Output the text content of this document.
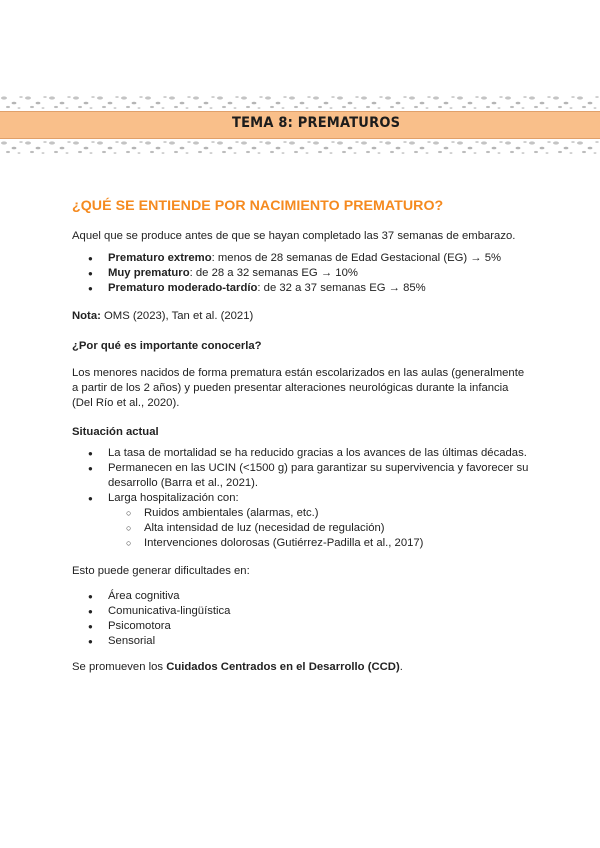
TEMA 8: PREMATUROS
¿QUÉ SE ENTIENDE POR NACIMIENTO PREMATURO?

Aquel que se produce antes de que se hayan completado las 37 semanas de embarazo.

● Prematuro extremo: menos de 28 semanas de Edad Gestacional (EG) → 5%
● Muy prematuro: de 28 a 32 semanas EG → 10%
● Prematuro moderado-tardío: de 32 a 37 semanas EG → 85%

Nota: OMS (2023), Tan et al. (2021)

¿Por qué es importante conocerla?

Los menores nacidos de forma prematura están escolarizados en las aulas (generalmente a partir de los 2 años) y pueden presentar alteraciones neurológicas durante la infancia (Del Río et al., 2020).

Situación actual

● La tasa de mortalidad se ha reducido gracias a los avances de las últimas décadas.
● Permanecen en las UCIN (<1500 g) para garantizar su supervivencia y favorecer su desarrollo (Barra et al., 2021).
● Larga hospitalización con:
○ Ruidos ambientales (alarmas, etc.)
○ Alta intensidad de luz (necesidad de regulación)
○ Intervenciones dolorosas (Gutiérrez-Padilla et al., 2017)

Esto puede generar dificultades en:

● Área cognitiva
● Comunicativa-lingüística
● Psicomotora
● Sensorial

Se promueven los Cuidados Centrados en el Desarrollo (CCD).
